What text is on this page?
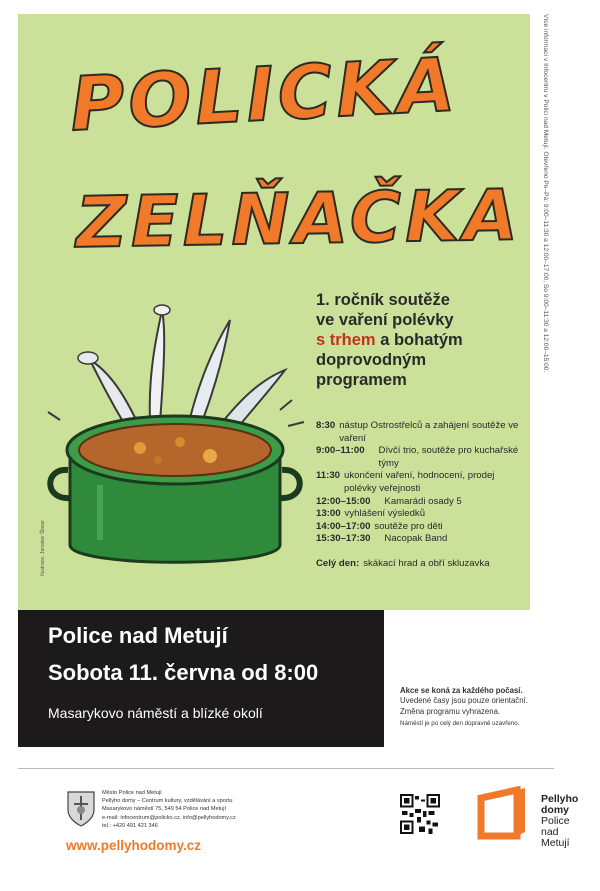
Více informací v Infocentru v Polici nad Metují. Otevřeno Po–Pá: 9:00–11:30 a 12:00–17:00, So 9:00–11:30 a 12:00–15:00.
POLICKÁ
ZELŇAČKA
Ilustrace: Jaroslav Šlosar
1. ročník soutěže
ve vaření polévky
s trhem a bohatým
doprovodným
programem
8:30 nástup Ostrostřelců a zahájení soutěže ve vaření
9:00–11:00 Dívčí trio, soutěže pro kuchařské týmy
11:30 ukončení vaření, hodnocení, prodej polévky veřejnosti
12:00–15:00 Kamarádi osady 5
13:00 vyhlášení výsledků
14:00–17:00 soutěže pro děti
15:30–17:30 Nacopak Band
Celý den: skákací hrad a obří skluzavka
Police nad Metují
Sobota 11. června od 8:00
Masarykovo náměstí a blízké okolí
Akce se koná za každého počasí.
Uvedené časy jsou pouze orientační.
Změna programu vyhrazena.
Náměstí je po celý den dopravně uzavřeno.
Město Police nad Metují
Pellyho domy – Centrum kultury, vzdělávání a sportu
Masarykovo náměstí 75, 549 54 Police nad Metují
e-mail: infocentrum@policko.cz, info@pellyhodomy.cz
tel.: +420 491 421 346
www.pellyhodomy.cz
Pellyho
domy
Police
nad
Metují
